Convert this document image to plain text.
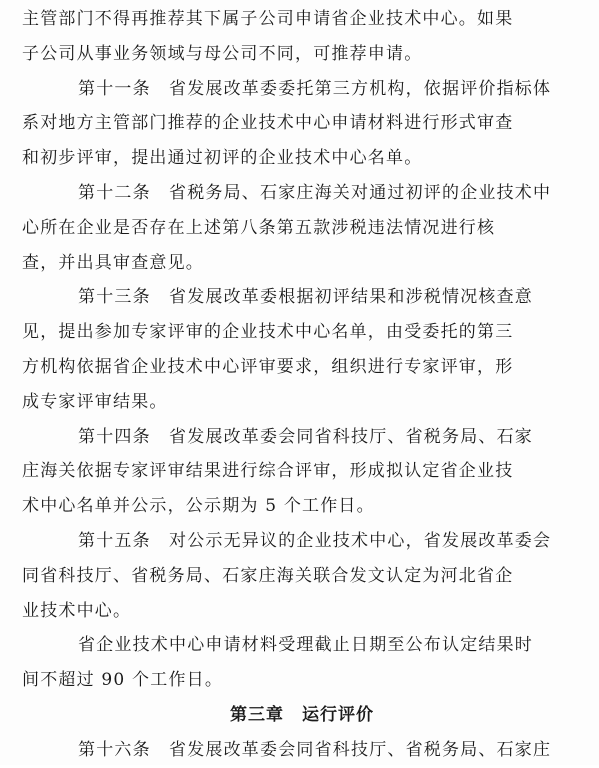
主管部门不得再推荐其下属子公司申请省企业技术中心。如果
子公司从事业务领域与母公司不同，可推荐申请。
第十一条　省发展改革委委托第三方机构，依据评价指标体
系对地方主管部门推荐的企业技术中心申请材料进行形式审查
和初步评审，提出通过初评的企业技术中心名单。
第十二条　省税务局、石家庄海关对通过初评的企业技术中
心所在企业是否存在上述第八条第五款涉税违法情况进行核
查，并出具审查意见。
第十三条　省发展改革委根据初评结果和涉税情况核查意
见，提出参加专家评审的企业技术中心名单，由受委托的第三
方机构依据省企业技术中心评审要求，组织进行专家评审，形
成专家评审结果。
第十四条　省发展改革委会同省科技厅、省税务局、石家
庄海关依据专家评审结果进行综合评审，形成拟认定省企业技
术中心名单并公示，公示期为 5 个工作日。
第十五条　对公示无异议的企业技术中心，省发展改革委会
同省科技厅、省税务局、石家庄海关联合发文认定为河北省企
业技术中心。
省企业技术中心申请材料受理截止日期至公布认定结果时
间不超过 90 个工作日。
第三章　运行评价
第十六条　省发展改革委会同省科技厅、省税务局、石家庄
